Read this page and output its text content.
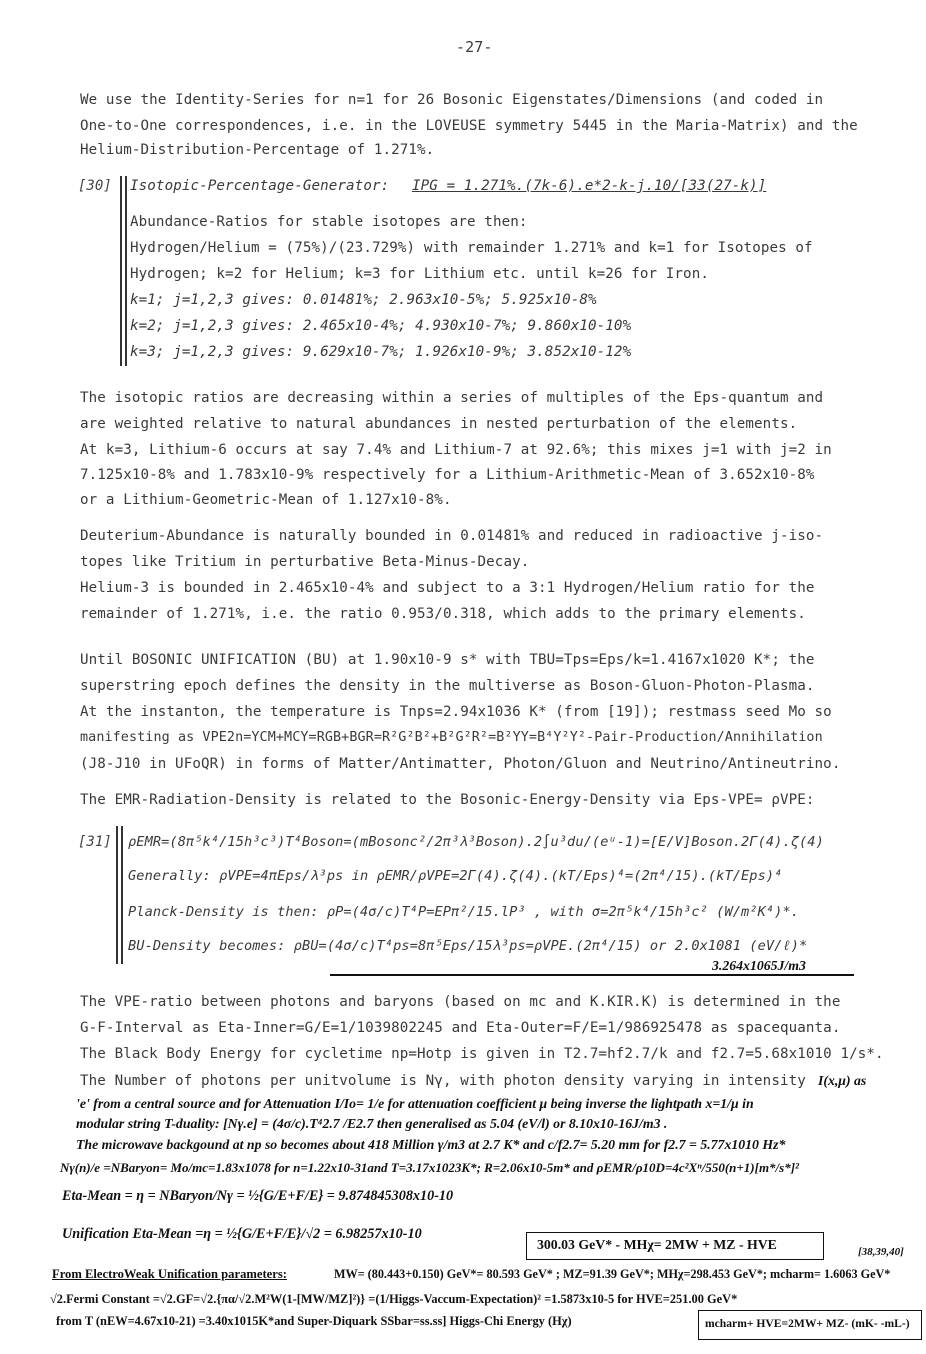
-27-
We use the Identity-Series for n=1 for 26 Bosonic Eigenstates/Dimensions (and coded in
One-to-One correspondences, i.e. in the LOVEUSE symmetry 5445 in the Maria-Matrix) and the
Helium-Distribution-Percentage of 1.271%.
[30] Isotopic-Percentage-Generator: IPG = 1.271%.(7k-6).e*2-k-j.10/[33(27-k)]
Abundance-Ratios for stable isotopes are then:
Hydrogen/Helium = (75%)/(23.729%) with remainder 1.271% and k=1 for Isotopes of
Hydrogen; k=2 for Helium; k=3 for Lithium etc. until k=26 for Iron.
k=1; j=1,2,3 gives: 0.01481%; 2.963x10-5%; 5.925x10-8%
k=2; j=1,2,3 gives: 2.465x10-4%; 4.930x10-7%; 9.860x10-10%
k=3; j=1,2,3 gives: 9.629x10-7%; 1.926x10-9%; 3.852x10-12%
The isotopic ratios are decreasing within a series of multiples of the Eps-quantum and
are weighted relative to natural abundances in nested perturbation of the elements.
At k=3, Lithium-6 occurs at say 7.4% and Lithium-7 at 92.6%; this mixes j=1 with j=2 in
7.125x10-8% and 1.783x10-9% respectively for a Lithium-Arithmetic-Mean of 3.652x10-8%
or a Lithium-Geometric-Mean of 1.127x10-8%.
Deuterium-Abundance is naturally bounded in 0.01481% and reduced in radioactive j-iso-
topes like Tritium in perturbative Beta-Minus-Decay.
Helium-3 is bounded in 2.465x10-4% and subject to a 3:1 Hydrogen/Helium ratio for the
remainder of 1.271%, i.e. the ratio 0.953/0.318, which adds to the primary elements.
Until BOSONIC UNIFICATION (BU) at 1.90x10-9 s* with TBU=Tps=Eps/k=1.4167x1020 K*; the
superstring epoch defines the density in the multiverse as Boson-Gluon-Photon-Plasma.
At the instanton, the temperature is Tnps=2.94x1036 K* (from [19]); restmass seed Mo so
manifesting as VPE2n=YCM+MCY=RGB+BGR=R²G²B²+B²G²R²=B²YY=B⁴Y²Y²-Pair-Production/Annihilation
(J8-J10 in UFoQR) in forms of Matter/Antimatter, Photon/Gluon and Neutrino/Antineutrino.
The EMR-Radiation-Density is related to the Bosonic-Energy-Density via Eps-VPE= ρVPE:
[31] ρEMR=(8π⁵k⁴/15h³c³)T⁴Boson=(mBosonc²/2π³λ³Boson).2∫u³du/(eᵘ-1)=[E/V]Boson.2Γ(4).ζ(4)
Generally: ρVPE=4πEps/λ³ps in ρEMR/ρVPE=2Γ(4).ζ(4).(kT/Eps)⁴=(2π⁴/15).(kT/Eps)⁴
Planck-Density is then: ρP=(4σ/c)T⁴P=EPπ²/15.lP³ , with σ=2π⁵k⁴/15h³c² (W/m²K⁴)*.
BU-Density becomes: ρBU=(4σ/c)T⁴ps=8π⁵Eps/15λ³ps=ρVPE.(2π⁴/15) or 2.0x1081 (eV/ℓ)*
3.264x1065J/m3
The VPE-ratio between photons and baryons (based on mc and K.KIR.K) is determined in the
G-F-Interval as Eta-Inner=G/E=1/1039802245 and Eta-Outer=F/E=1/986925478 as spacequanta.
The Black Body Energy for cycletime np=Hotp is given in T2.7=hf2.7/k and f2.7=5.68x1010 1/s*.
The Number of photons per unitvolume is Nγ, with photon density varying in intensity I(x,μ) as
'e' from a central source and for Attenuation I/Io= 1/e for attenuation coefficient μ being inverse the lightpath x=1/μ in
modular string T-duality: [Nγ.e] = (4σ/c).T⁴2.7 /E2.7 then generalised as 5.04 (eV/l) or 8.10x10-16J/m3 .
The microwave backgound at np so becomes about 418 Million γ/m3 at 2.7 K* and c/f2.7= 5.20 mm for f2.7 = 5.77x1010 Hz*
Nγ(n)/e =NBaryon= Mo/mc=1.83x1078 for n=1.22x10-31and T=3.17x1023K*; R=2.06x10-5m* and ρEMR/ρ10D=4c²Xⁿ/550(n+1)[m*/s*]²
Eta-Mean = η = NBaryon/Nγ = ½{G/E+F/E} = 9.874845308x10-10
Unification Eta-Mean =η = ½{G/E+F/E}/√2 = 6.98257x10-10
300.03 GeV* - MHχ= 2MW + MZ - HVE	[38,39,40]
From ElectroWeak Unification parameters:	MW= (80.443+0.150) GeV*= 80.593 GeV* ; MZ=91.39 GeV*; MHχ=298.453 GeV*; mcharm= 1.6063 GeV*
√2.Fermi Constant =√2.GF=√2.{πα/√2.M²W(1-[MW/MZ]²)} =(1/Higgs-Vaccum-Expectation)² =1.5873x10-5 for HVE=251.00 GeV*
from T (nEW=4.67x10-21) =3.40x1015K*and Super-Diquark SSbar=ss.ss] Higgs-Chi Energy (Hχ)	mcharm+ HVE=2MW+ MZ- (mK- -mL-)
